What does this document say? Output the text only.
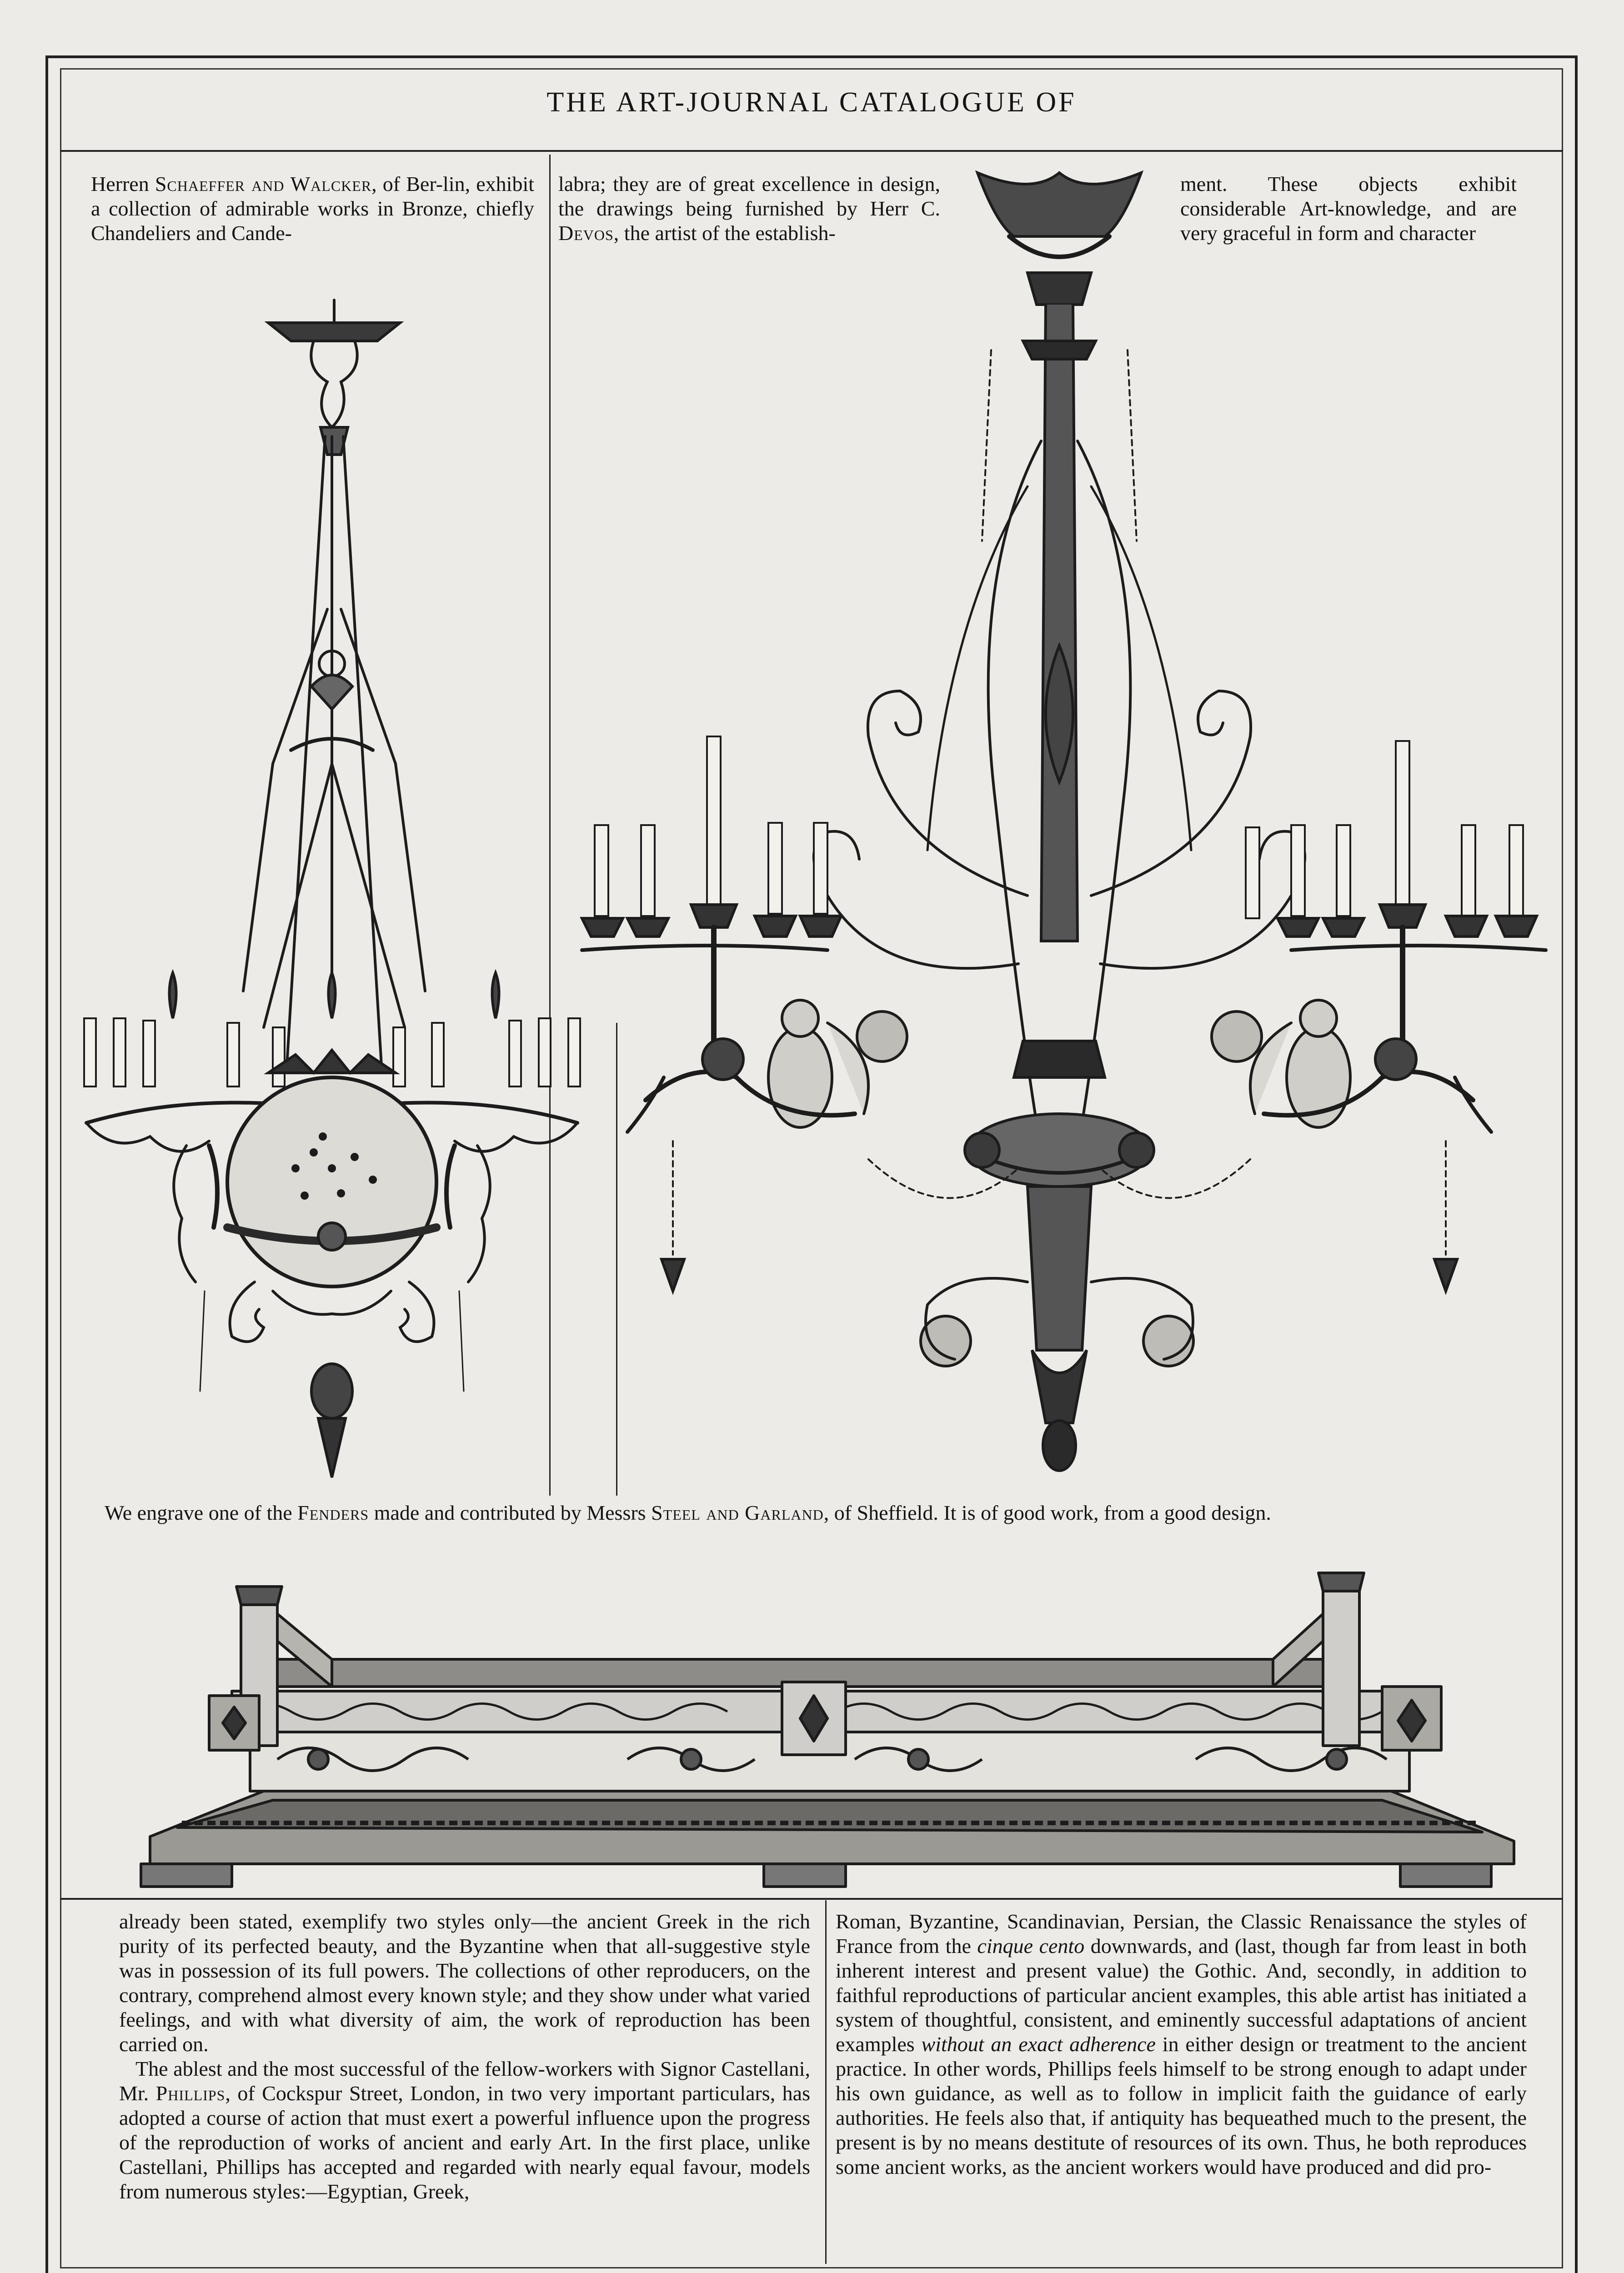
THE ART-JOURNAL CATALOGUE OF
Herren Schaeffer and Walcker, of Ber-lin, exhibit a collection of admirable works in Bronze, chiefly Chandeliers and Cande-
labra; they are of great excellence in design, the drawings being furnished by Herr C. Devos, the artist of the establish-
ment. These objects exhibit considerable Art-knowledge, and are very graceful in form and character
We engrave one of the Fenders made and contributed by Messrs Steel and Garland, of Sheffield. It is of good work, from a good design.

already been stated, exemplify two styles only—the ancient Greek in the rich purity of its perfected beauty, and the Byzantine when that all-suggestive style was in possession of its full powers. The collections of other reproducers, on the contrary, comprehend almost every known style; and they show under what varied feelings, and with what diversity of aim, the work of reproduction has been carried on.

The ablest and the most successful of the fellow-workers with Signor Castellani, Mr. Phillips, of Cockspur Street, London, in two very important particulars, has adopted a course of action that must exert a powerful influence upon the progress of the reproduction of works of ancient and early Art. In the first place, unlike Castellani, Phillips has accepted and regarded with nearly equal favour, models from numerous styles:—Egyptian, Greek,

Roman, Byzantine, Scandinavian, Persian, the Classic Renaissance the styles of France from the cinque cento downwards, and (last, though far from least in both inherent interest and present value) the Gothic. And, secondly, in addition to faithful reproductions of particular ancient examples, this able artist has initiated a system of thoughtful, consistent, and eminently successful adaptations of ancient examples without an exact adherence in either design or treatment to the ancient practice. In other words, Phillips feels himself to be strong enough to adapt under his own guidance, as well as to follow in implicit faith the guidance of early authorities. He feels also that, if antiquity has bequeathed much to the present, the present is by no means destitute of resources of its own. Thus, he both reproduces some ancient works, as the ancient workers would have produced and did pro-
